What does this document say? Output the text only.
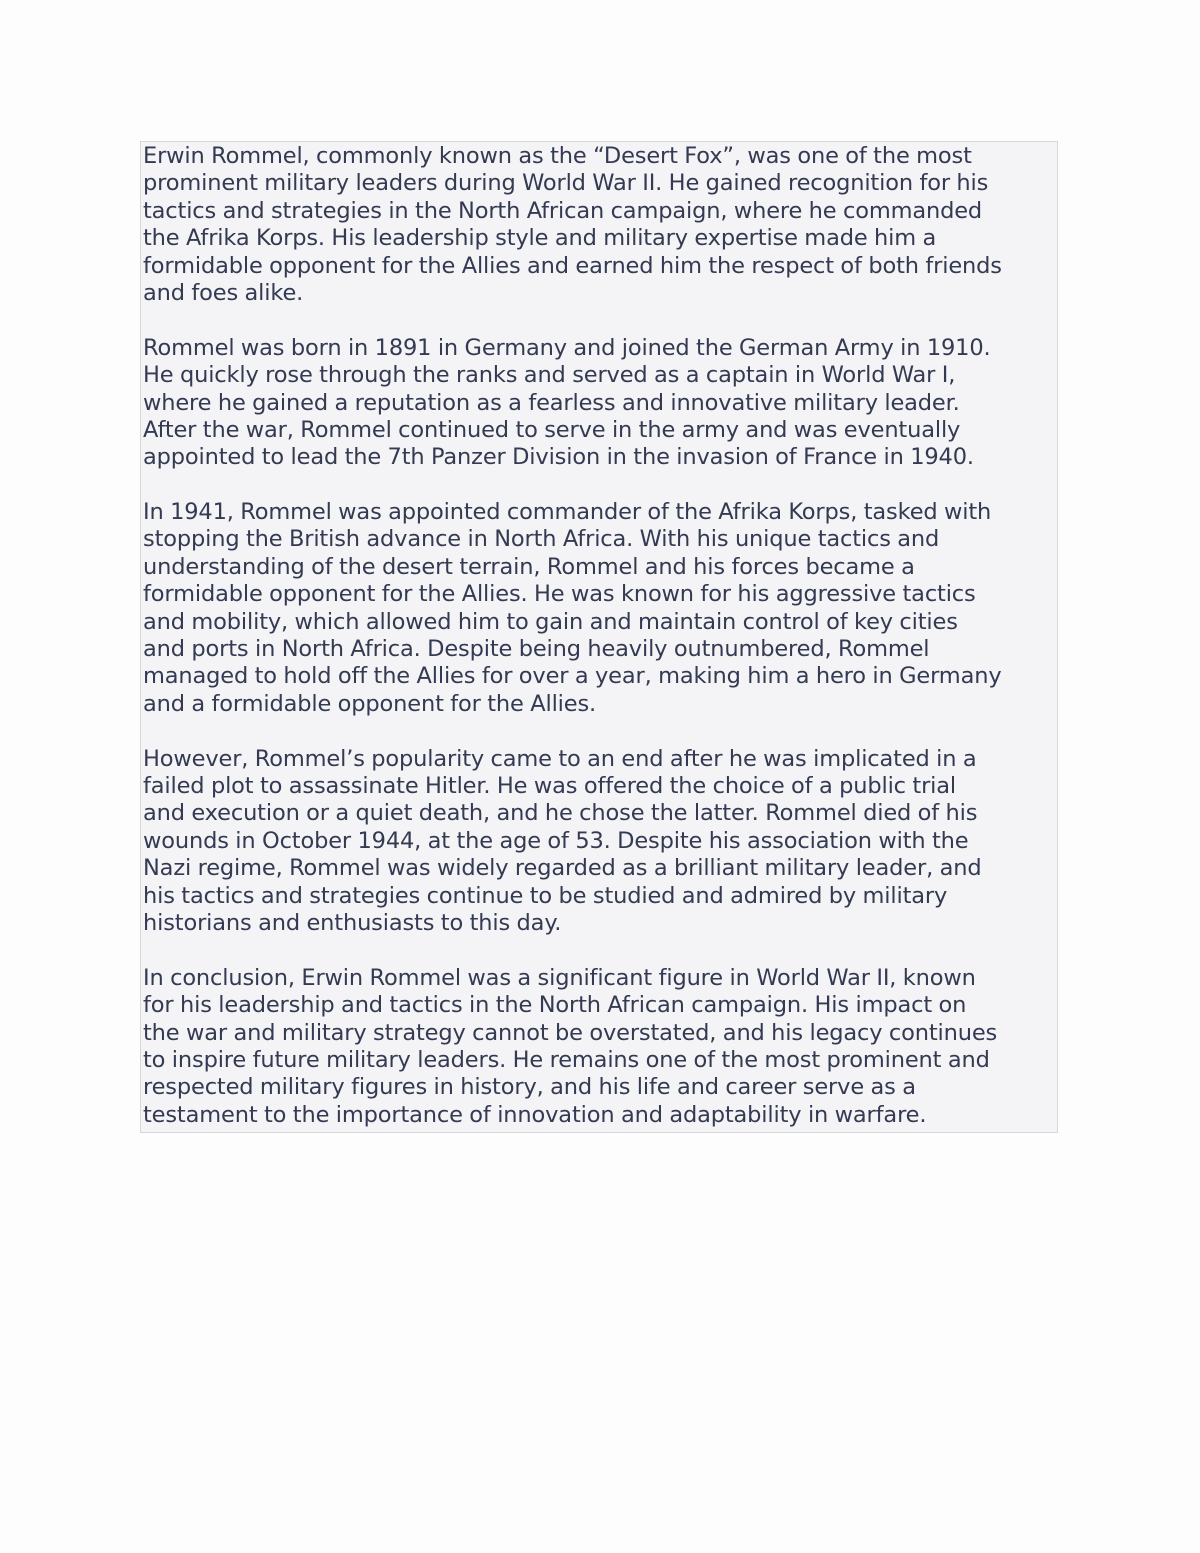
Erwin Rommel, commonly known as the “Desert Fox”, was one of the most
prominent military leaders during World War II. He gained recognition for his
tactics and strategies in the North African campaign, where he commanded
the Afrika Korps. His leadership style and military expertise made him a
formidable opponent for the Allies and earned him the respect of both friends
and foes alike.

Rommel was born in 1891 in Germany and joined the German Army in 1910.
He quickly rose through the ranks and served as a captain in World War I,
where he gained a reputation as a fearless and innovative military leader.
After the war, Rommel continued to serve in the army and was eventually
appointed to lead the 7th Panzer Division in the invasion of France in 1940.

In 1941, Rommel was appointed commander of the Afrika Korps, tasked with
stopping the British advance in North Africa. With his unique tactics and
understanding of the desert terrain, Rommel and his forces became a
formidable opponent for the Allies. He was known for his aggressive tactics
and mobility, which allowed him to gain and maintain control of key cities
and ports in North Africa. Despite being heavily outnumbered, Rommel
managed to hold off the Allies for over a year, making him a hero in Germany
and a formidable opponent for the Allies.

However, Rommel’s popularity came to an end after he was implicated in a
failed plot to assassinate Hitler. He was offered the choice of a public trial
and execution or a quiet death, and he chose the latter. Rommel died of his
wounds in October 1944, at the age of 53. Despite his association with the
Nazi regime, Rommel was widely regarded as a brilliant military leader, and
his tactics and strategies continue to be studied and admired by military
historians and enthusiasts to this day.

In conclusion, Erwin Rommel was a significant figure in World War II, known
for his leadership and tactics in the North African campaign. His impact on
the war and military strategy cannot be overstated, and his legacy continues
to inspire future military leaders. He remains one of the most prominent and
respected military figures in history, and his life and career serve as a
testament to the importance of innovation and adaptability in warfare.
